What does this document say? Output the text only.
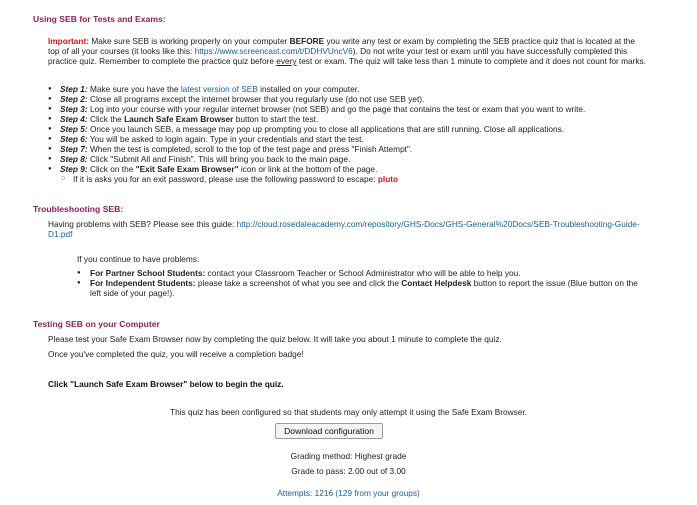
Using SEB for Tests and Exams:
Important: Make sure SEB is working properly on your computer BEFORE you write any test or exam by completing the SEB practice quiz that is located at the top of all your courses (it looks like this: https://www.screencast.com/t/DDHVUncV6). Do not write your test or exam until you have successfully completed this practice quiz. Remember to complete the practice quiz before every test or exam. The quiz will take less than 1 minute to complete and it does not count for marks.
● Step 1: Make sure you have the latest version of SEB installed on your computer.
● Step 2: Close all programs except the internet browser that you regularly use (do not use SEB yet).
● Step 3: Log into your course with your regular internet browser (not SEB) and go the page that contains the test or exam that you want to write.
● Step 4: Click the Launch Safe Exam Browser button to start the test.
● Step 5: Once you launch SEB, a message may pop up prompting you to close all applications that are still running. Close all applications.
● Step 6: You will be asked to login again. Type in your credentials and start the test.
● Step 7: When the test is completed, scroll to the top of the test page and press "Finish Attempt".
● Step 8: Click "Submit All and Finish". This will bring you back to the main page.
● Step 9: Click on the "Exit Safe Exam Browser" icon or link at the bottom of the page.
○ If it is asks you for an exit password, please use the following password to escape: pluto
Troubleshooting SEB:
Having problems with SEB? Please see this guide: http://cloud.rosedaleacademy.com/repository/GHS-Docs/GHS-General%20Docs/SEB-Troubleshooting-Guide-D1.pdf
If you continue to have problems:
● For Partner School Students: contact your Classroom Teacher or School Administrator who will be able to help you.
● For Independent Students: please take a screenshot of what you see and click the Contact Helpdesk button to report the issue (Blue button on the left side of your page!).
Testing SEB on your Computer
Please test your Safe Exam Browser now by completing the quiz below. It will take you about 1 minute to complete the quiz.
Once you've completed the quiz, you will receive a completion badge!
Click "Launch Safe Exam Browser" below to begin the quiz.
This quiz has been configured so that students may only attempt it using the Safe Exam Browser.
Download configuration
Grading method: Highest grade
Grade to pass: 2.00 out of 3.00
Attempts: 1216 (129 from your groups)
